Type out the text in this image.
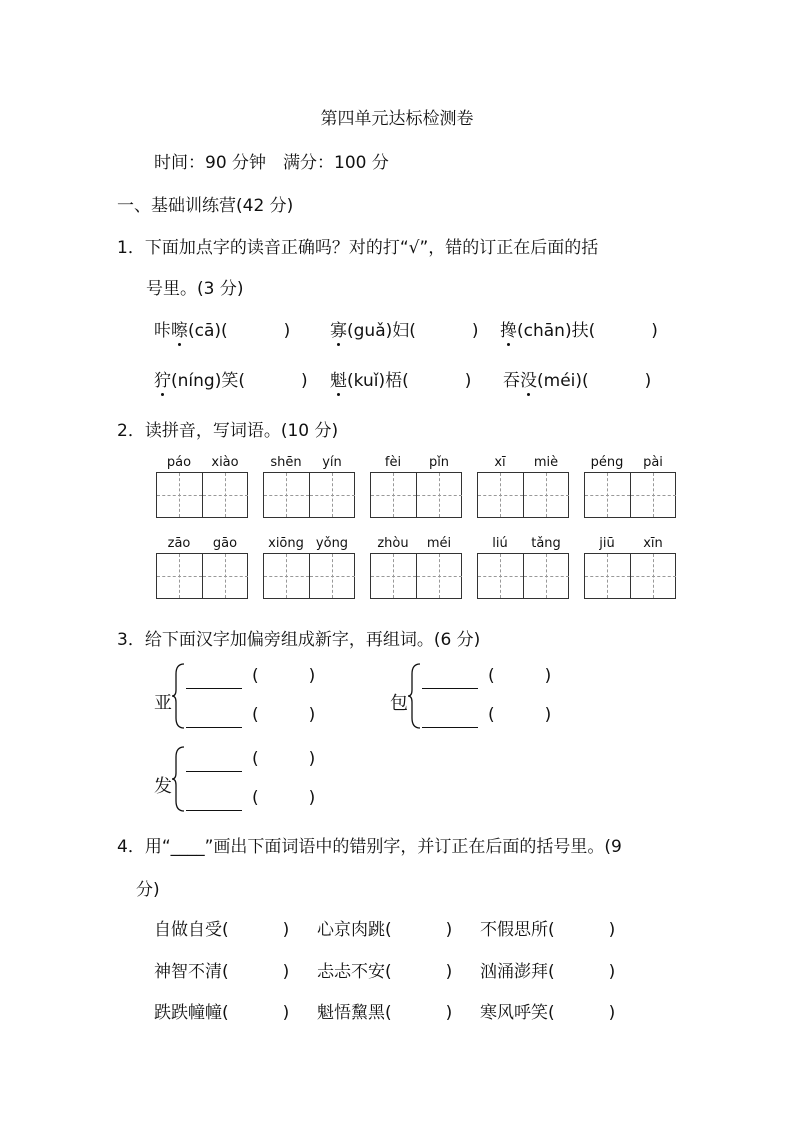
第四单元达标检测卷
时间：90 分钟　满分：100 分
一、基础训练营(42 分)
1．下面加点字的读音正确吗？对的打“√”，错的订正在后面的括
号里。(3 分)
咔嚓(cā)(	) 寡(guǎ)妇(	) 搀(chān)扶(	)
狞(níng)笑(	) 魁(kuǐ)梧(	) 吞没(méi)(	)
2．读拼音，写词语。(10 分)
páo	xiào	shēn	yín	fèi	pǐn	xī	miè	péng	pài
zāo	gāo	xiōng yǒng	zhòu	méi	liú	tǎng	jiū	xīn
3．给下面汉字加偏旁组成新字，再组词。(6 分)
亚
(	)
(	)
包
(	)
(	)
发
(	)
(	)
4．用“____”画出下面词语中的错别字，并订正在后面的括号里。(9
分)
自做自受(	) 心京肉跳(	) 不假思所(	)
神智不清(	) 忐忐不安(	) 汹涌澎拜(	)
跌跌幢幢(	) 魁悟黧黑(	) 寒风呼笑(	)
